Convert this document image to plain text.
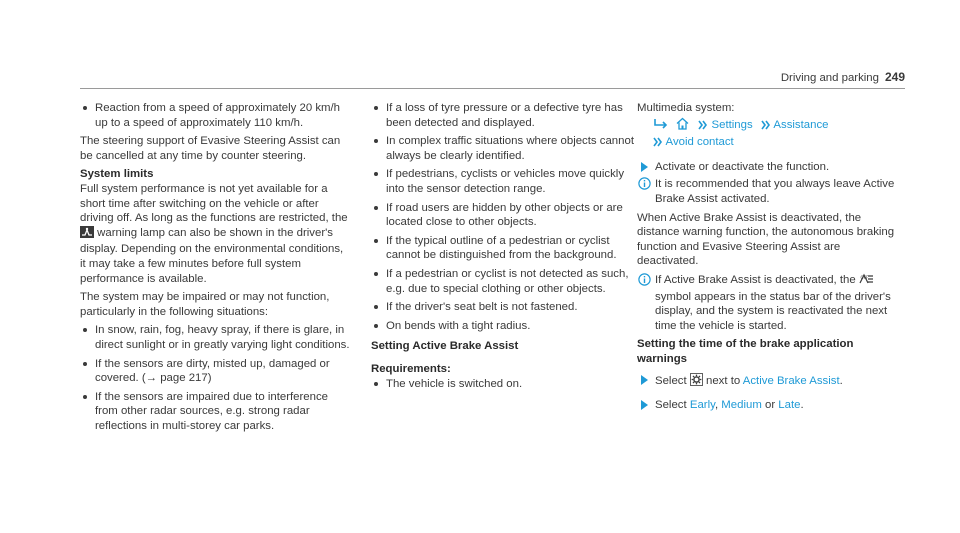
Driving and parking 249
Reaction from a speed of approximately 20 km/h up to a speed of approximately 110 km/h.

The steering support of Evasive Steering Assist can be cancelled at any time by counter steering.

System limits

Full system performance is not yet available for a short time after switching on the vehicle or after driving off. As long as the functions are restricted, the  warning lamp can also be shown in the driver's display. Depending on the environmental conditions, it may take a few minutes before full system performance is available.

The system may be impaired or may not function, particularly in the following situations:

In snow, rain, fog, heavy spray, if there is glare, in direct sunlight or in greatly varying light conditions.
If the sensors are dirty, misted up, damaged or covered. (→ page 217)
If the sensors are impaired due to interference from other radar sources, e.g. strong radar reflections in multi-storey car parks.
If a loss of tyre pressure or a defective tyre has been detected and displayed.
In complex traffic situations where objects cannot always be clearly identified.
If pedestrians, cyclists or vehicles move quickly into the sensor detection range.
If road users are hidden by other objects or are located close to other objects.
If the typical outline of a pedestrian or cyclist cannot be distinguished from the background.
If a pedestrian or cyclist is not detected as such, e.g. due to special clothing or other objects.
If the driver's seat belt is not fastened.
On bends with a tight radius.

Setting Active Brake Assist

Requirements:

The vehicle is switched on.

Multimedia system:

Settings Assistance

Avoid contact

Activate or deactivate the function.
It is recommended that you always leave Active Brake Assist activated.

When Active Brake Assist is deactivated, the distance warning function, the autonomous braking function and Evasive Steering Assist are deactivated.

If Active Brake Assist is deactivated, the OFF
symbol appears in the status bar of the driver's display, and the system is reactivated the next time the vehicle is started.

Setting the time of the brake application warnings

Select next to Active Brake Assist.
Select Early, Medium or Late.
